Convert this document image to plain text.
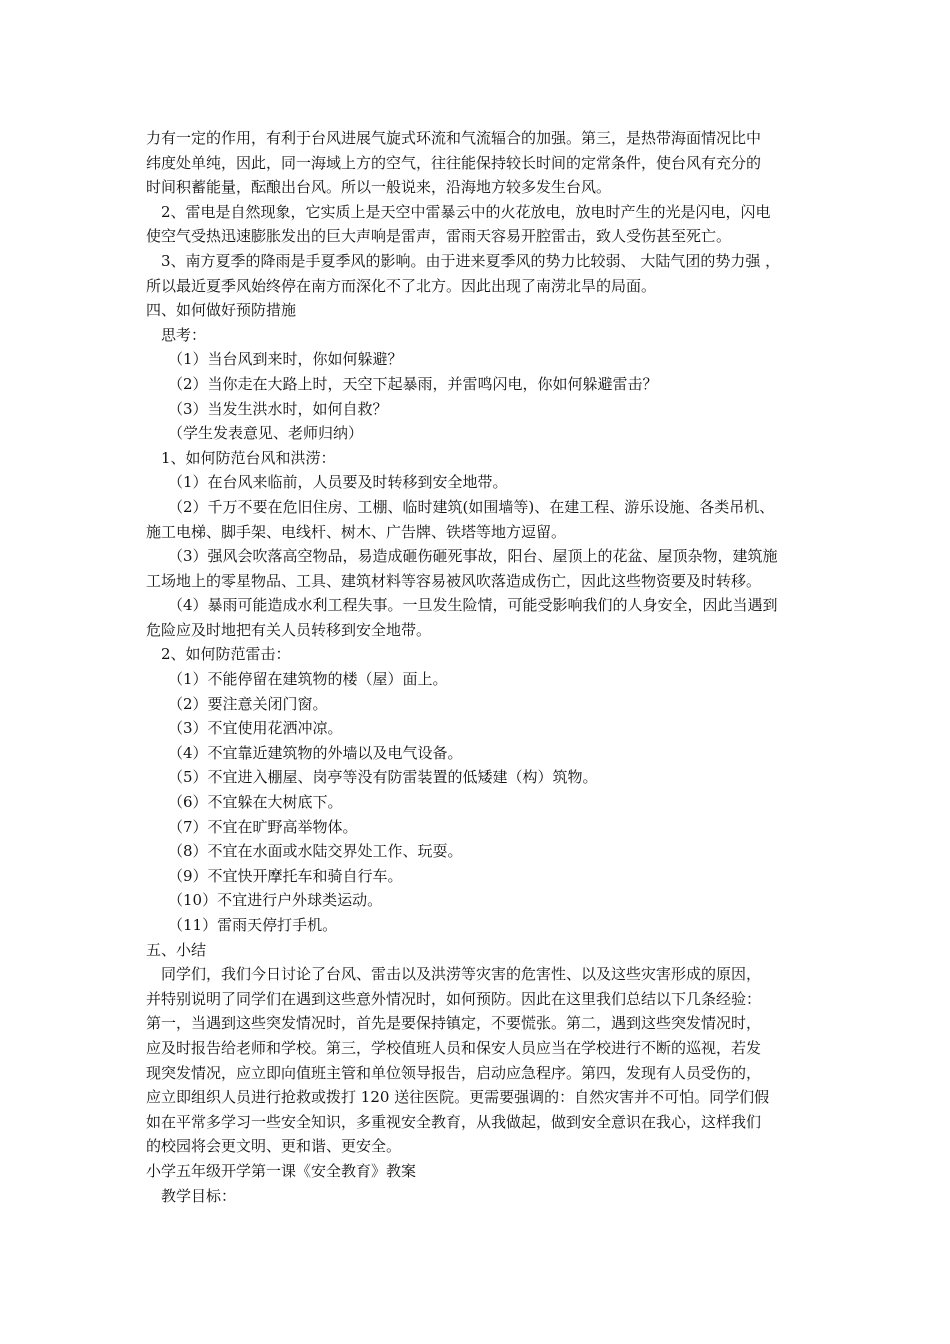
力有一定的作用，有利于台风进展气旋式环流和气流辐合的加强。第三，是热带海面情况比中
纬度处单纯，因此，同一海域上方的空气，往往能保持较长时间的定常条件，使台风有充分的
时间积蓄能量，酝酿出台风。所以一般说来，沿海地方较多发生台风。
2、雷电是自然现象，它实质上是天空中雷暴云中的火花放电，放电时产生的光是闪电，闪电
使空气受热迅速膨胀发出的巨大声响是雷声，雷雨天容易开腔雷击，致人受伤甚至死亡。
3、南方夏季的降雨是手夏季风的影响。由于进来夏季风的势力比较弱、 大陆气团的势力强 ，
所以最近夏季风始终停在南方而深化不了北方。因此出现了南涝北旱的局面。
四、如何做好预防措施
思考：
（1）当台风到来时，你如何躲避？
（2）当你走在大路上时，天空下起暴雨，并雷鸣闪电，你如何躲避雷击？
（3）当发生洪水时，如何自救？
（学生发表意见、老师归纳）
1、如何防范台风和洪涝：
（1）在台风来临前，人员要及时转移到安全地带。
（2）千万不要在危旧住房、工棚、临时建筑(如围墙等)、在建工程、游乐设施、各类吊机、
施工电梯、脚手架、电线杆、树木、广告牌、铁塔等地方逗留。
（3）强风会吹落高空物品，易造成砸伤砸死事故，阳台、屋顶上的花盆、屋顶杂物，建筑施
工场地上的零星物品、工具、建筑材料等容易被风吹落造成伤亡，因此这些物资要及时转移。
（4）暴雨可能造成水利工程失事。一旦发生险情，可能受影响我们的人身安全，因此当遇到
危险应及时地把有关人员转移到安全地带。
2、如何防范雷击：
（1）不能停留在建筑物的楼（屋）面上。
（2）要注意关闭门窗。
（3）不宜使用花洒冲凉。
（4）不宜靠近建筑物的外墙以及电气设备。
（5）不宜进入棚屋、岗亭等没有防雷装置的低矮建（构）筑物。
（6）不宜躲在大树底下。
（7）不宜在旷野高举物体。
（8）不宜在水面或水陆交界处工作、玩耍。
（9）不宜快开摩托车和骑自行车。
（10）不宜进行户外球类运动。
（11）雷雨天停打手机。
五、小结
同学们，我们今日讨论了台风、雷击以及洪涝等灾害的危害性、以及这些灾害形成的原因，
并特别说明了同学们在遇到这些意外情况时，如何预防。因此在这里我们总结以下几条经验：
第一，当遇到这些突发情况时，首先是要保持镇定，不要慌张。第二，遇到这些突发情况时，
应及时报告给老师和学校。第三，学校值班人员和保安人员应当在学校进行不断的巡视，若发
现突发情况，应立即向值班主管和单位领导报告，启动应急程序。第四，发现有人员受伤的，
应立即组织人员进行抢救或拨打 120 送往医院。更需要强调的：自然灾害并不可怕。同学们假
如在平常多学习一些安全知识，多重视安全教育，从我做起，做到安全意识在我心，这样我们
的校园将会更文明、更和谐、更安全。
小学五年级开学第一课《安全教育》教案
教学目标：
